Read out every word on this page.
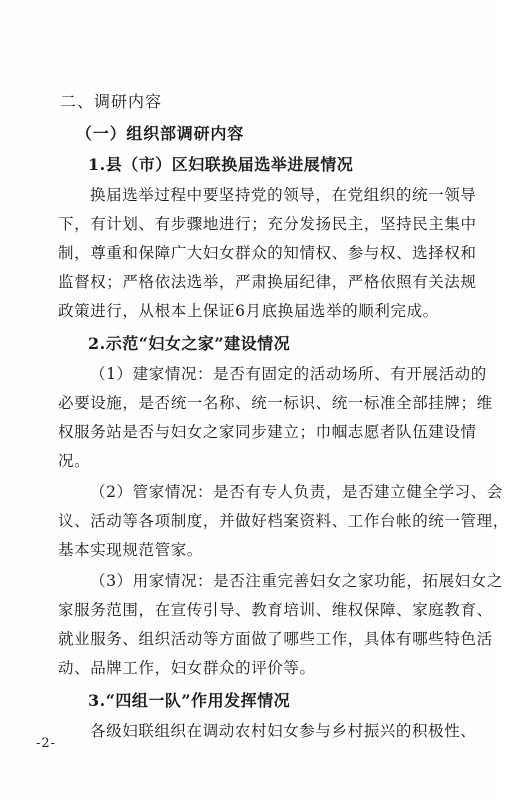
二、调研内容
（一）组织部调研内容
1.县（市）区妇联换届选举进展情况
换届选举过程中要坚持党的领导，在党组织的统一领导
下，有计划、有步骤地进行；充分发扬民主，坚持民主集中
制，尊重和保障广大妇女群众的知情权、参与权、选择权和
监督权；严格依法选举，严肃换届纪律，严格依照有关法规
政策进行，从根本上保证6月底换届选举的顺利完成。
2.示范“妇女之家”建设情况
（1）建家情况：是否有固定的活动场所、有开展活动的
必要设施，是否统一名称、统一标识、统一标准全部挂牌；维
权服务站是否与妇女之家同步建立；巾帼志愿者队伍建设情
况。
（2）管家情况：是否有专人负责，是否建立健全学习、会
议、活动等各项制度，并做好档案资料、工作台帐的统一管理，
基本实现规范管家。
（3）用家情况：是否注重完善妇女之家功能，拓展妇女之
家服务范围，在宣传引导、教育培训、维权保障、家庭教育、
就业服务、组织活动等方面做了哪些工作，具体有哪些特色活
动、品牌工作，妇女群众的评价等。
3.“四组一队”作用发挥情况
各级妇联组织在调动农村妇女参与乡村振兴的积极性、
-2-
